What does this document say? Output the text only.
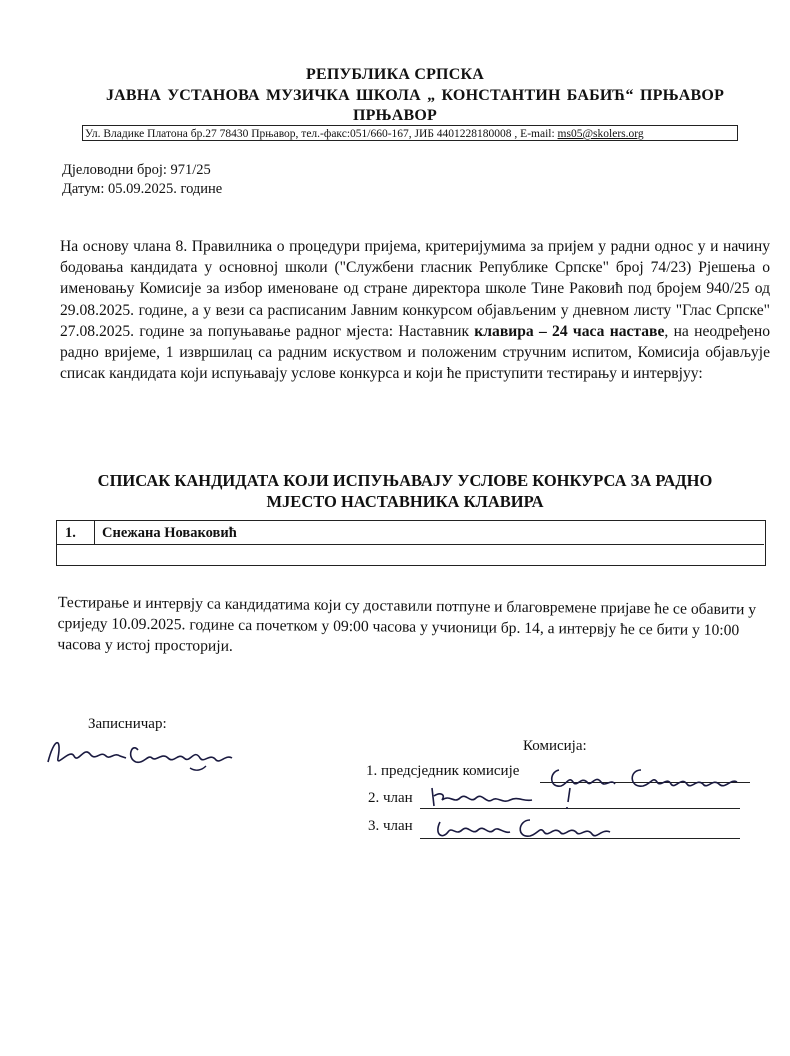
РЕПУБЛИКА СРПСКА
ЈАВНА УСТАНОВА МУЗИЧКА ШКОЛА „ КОНСТАНТИН БАБИЋ“ ПРЊАВОР
ПРЊАВОР
Ул. Владике Платона бр.27 78430 Прњавор, тел.-факс:051/660-167, ЈИБ 4401228180008 , E-mail: ms05@skolers.org
Дјеловодни број: 971/25
Датум: 05.09.2025. године
На основу члана 8. Правилника о процедури пријема, критеријумима за пријем у радни однос у и начину бодовања кандидата у основној школи ("Службени гласник Републике Српске" број 74/23) Рјешења о именовању Комисије за избор именоване од стране директора школе Тине Раковић под бројем 940/25 од 29.08.2025. године, а у вези са расписаним Јавним конкурсом објављеним у дневном листу "Глас Српске" 27.08.2025. године за попуњавање радног мјеста: Наставник клавира – 24 часа наставе, на неодређено радно вријеме, 1 извршилац са радним искуством и положеним стручним испитом, Комисија објављује списак кандидата који испуњавају услове конкурса и који ће приступити тестирању и интервјуу:
СПИСАК КАНДИДАТА КОЈИ ИСПУЊАВАЈУ УСЛОВЕ КОНКУРСА ЗА РАДНО
МЈЕСТО НАСТАВНИКА КЛАВИРА
1.	Снежана Новаковић
Тестирање и интервју са кандидатима који су доставили потпуне и благовремене пријаве ће се обавити у сриједу 10.09.2025. године са почетком у 09:00 часова у учионици бр. 14, а интервју ће се бити у 10:00 часова у истој просторији.
Записничар:
Комисија:
1. предсједник комисије
2. члан
3. члан
